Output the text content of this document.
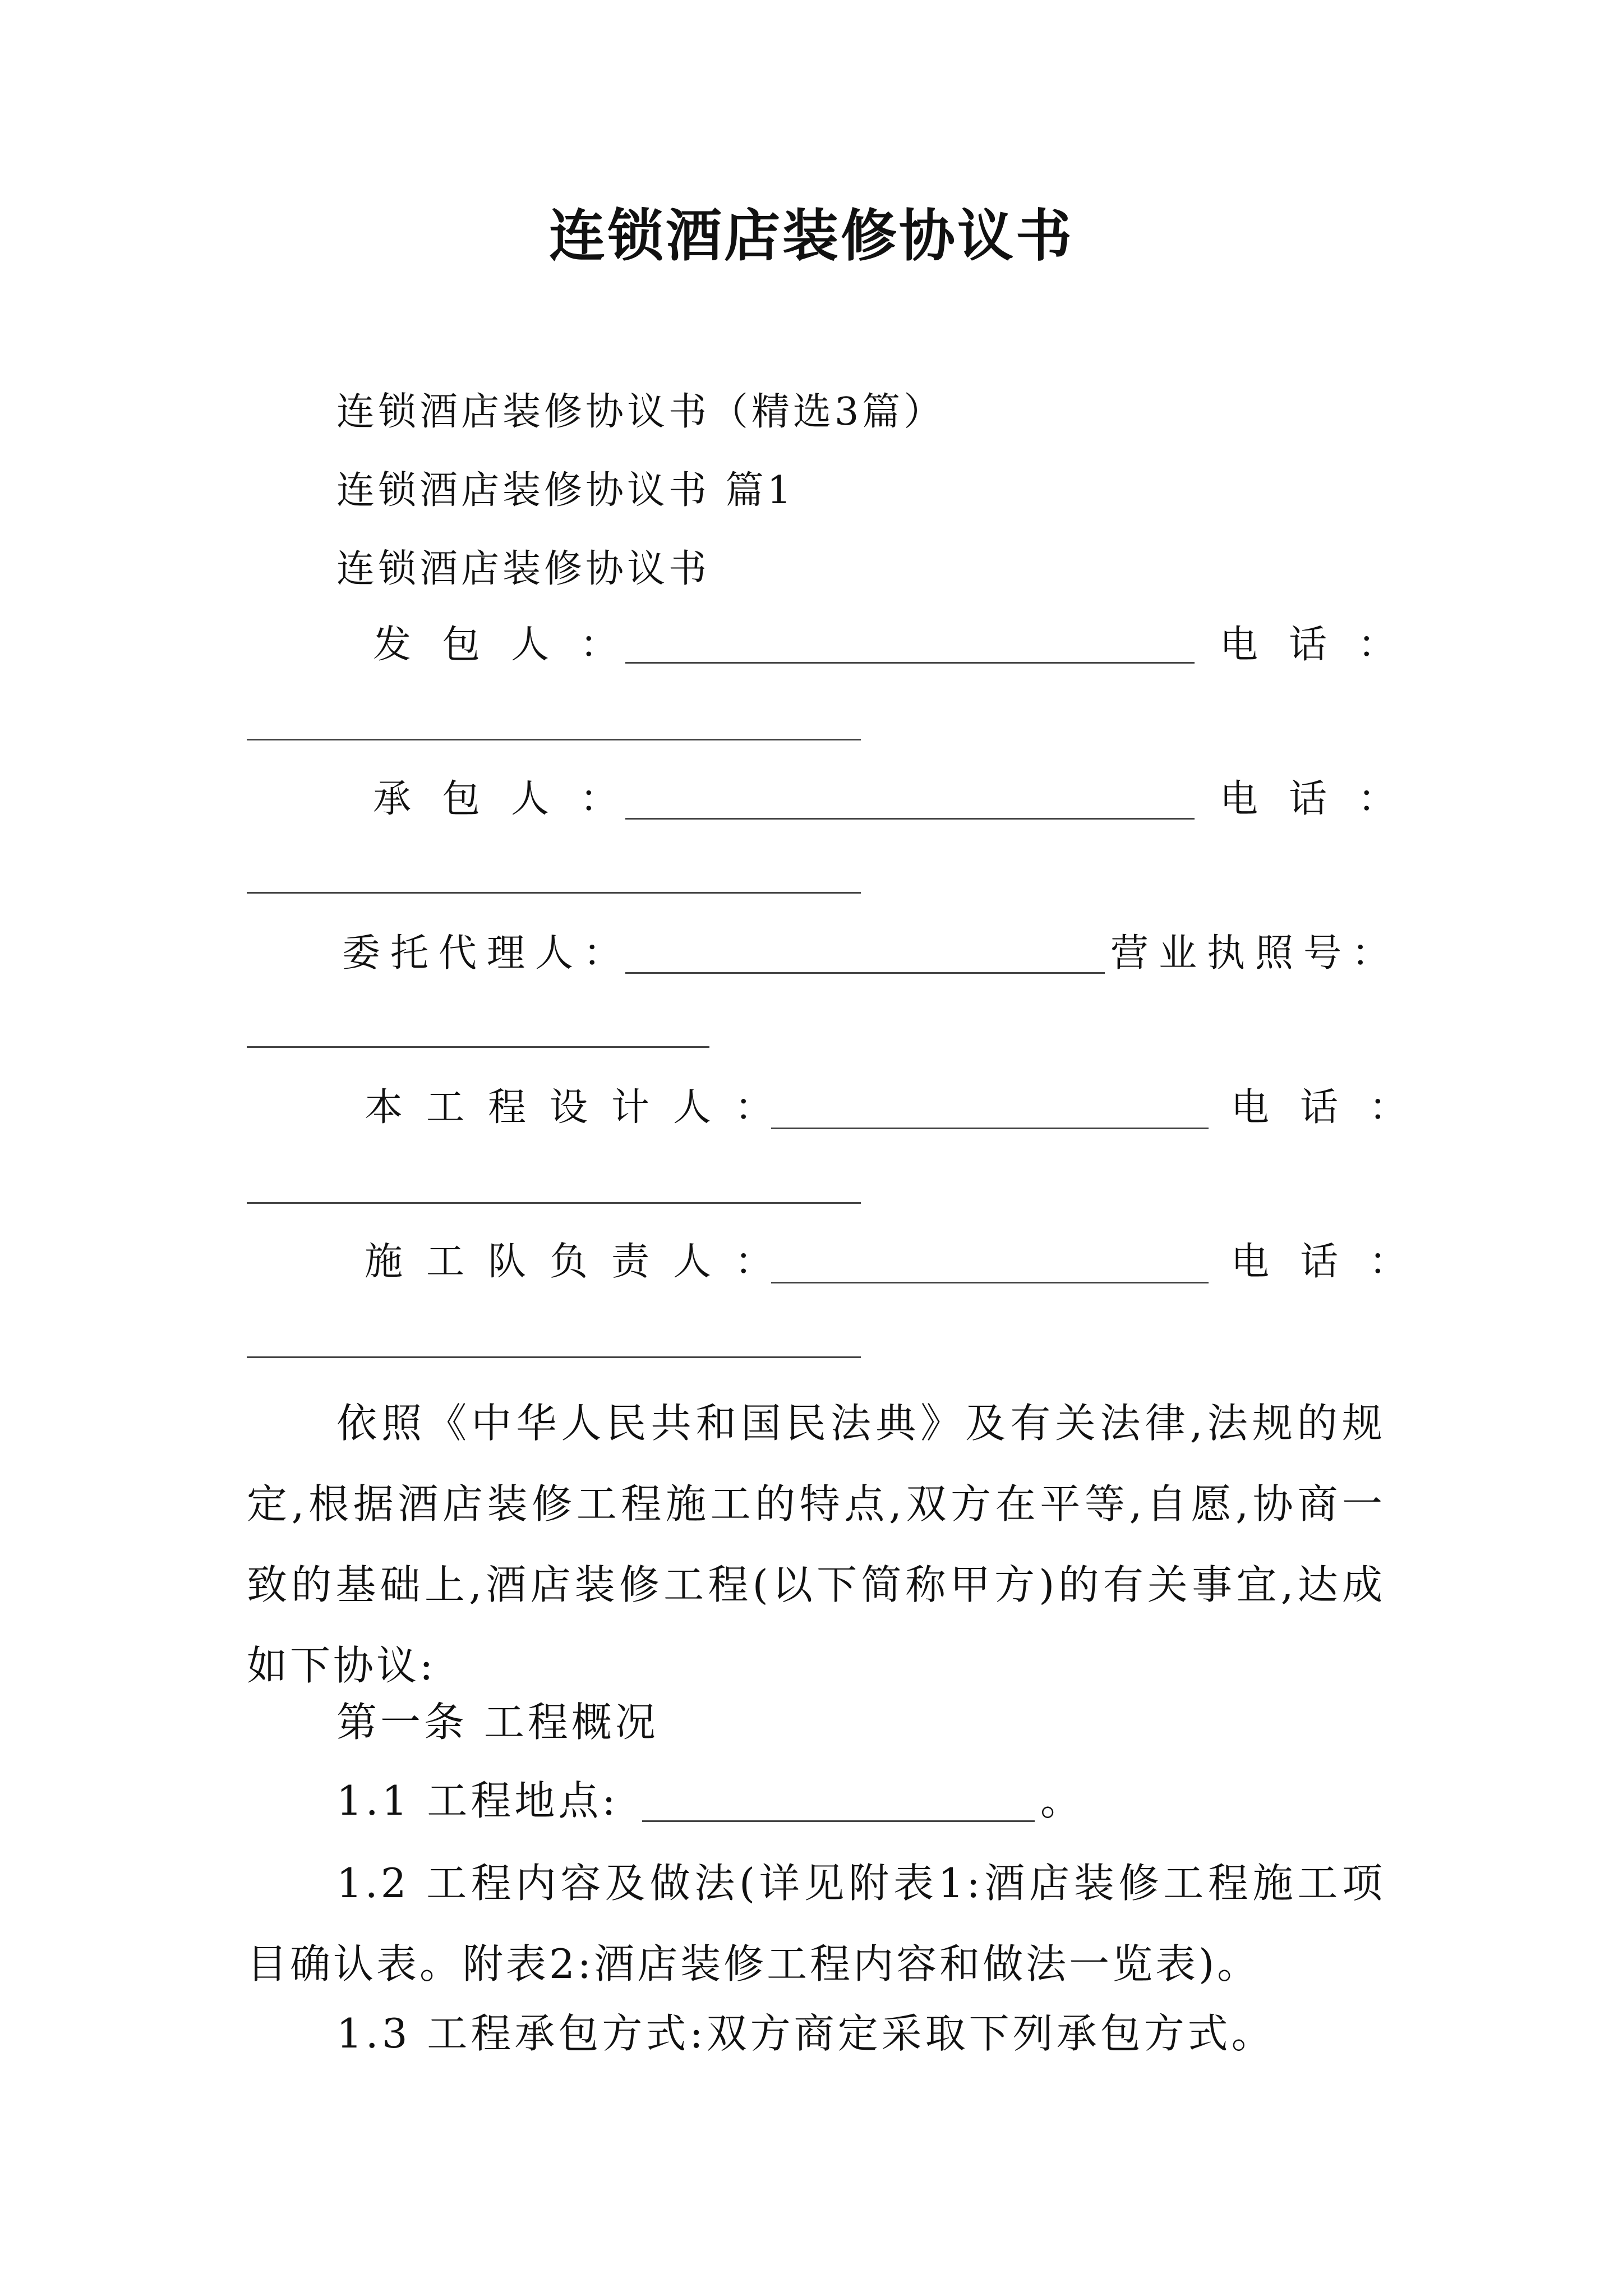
连锁酒店装修协议书
连锁酒店装修协议书（精选3篇）
连锁酒店装修协议书 篇1
连锁酒店装修协议书
发包人：	电话：
承包人：	电话：
委托代理人：	营业执照号：
本工程设计人：	电话：
施工队负责人：	电话：
依照《中华人民共和国民法典》及有关法律,法规的规定,根据酒店装修工程施工的特点,双方在平等,自愿,协商一致的基础上,酒店装修工程(以下简称甲方)的有关事宜,达成如下协议:
第一条 工程概况
1.1 工程地点:	。
1.2 工程内容及做法(详见附表1:酒店装修工程施工项目确认表。附表2:酒店装修工程内容和做法一览表)。
1.3 工程承包方式:双方商定采取下列承包方式。
